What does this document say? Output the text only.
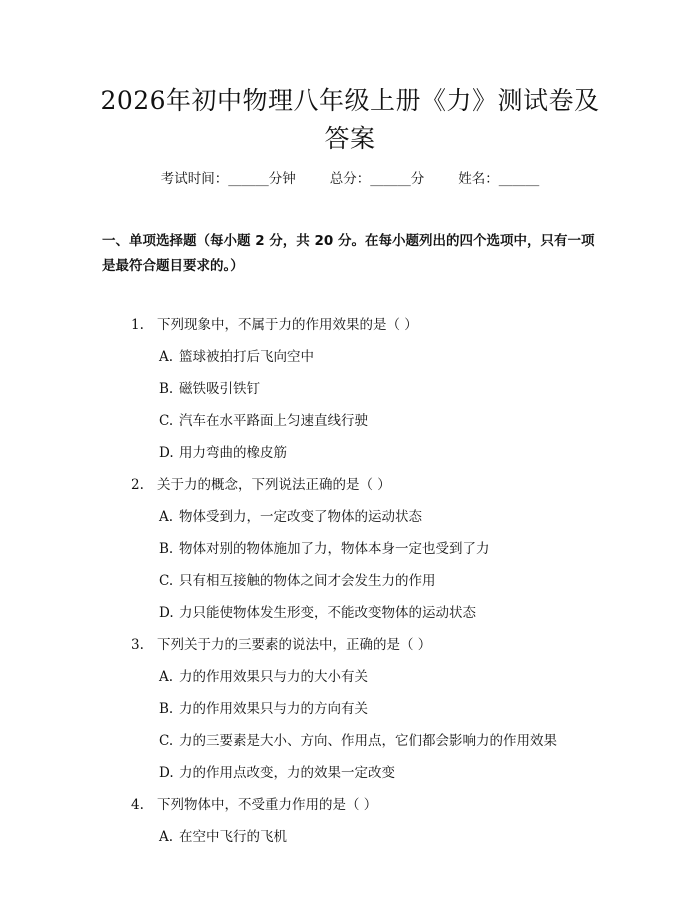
2026年初中物理八年级上册《力》测试卷及
答案
考试时间：______分钟	总分：______分	姓名：______
一、单项选择题（每小题 2 分，共 20 分。在每小题列出的四个选项中，只有一项是最符合题目要求的。）
1. 下列现象中，不属于力的作用效果的是（ ）
A. 篮球被拍打后飞向空中
B. 磁铁吸引铁钉
C. 汽车在水平路面上匀速直线行驶
D. 用力弯曲的橡皮筋
2. 关于力的概念，下列说法正确的是（ ）
A. 物体受到力，一定改变了物体的运动状态
B. 物体对别的物体施加了力，物体本身一定也受到了力
C. 只有相互接触的物体之间才会发生力的作用
D. 力只能使物体发生形变，不能改变物体的运动状态
3. 下列关于力的三要素的说法中，正确的是（ ）
A. 力的作用效果只与力的大小有关
B. 力的作用效果只与力的方向有关
C. 力的三要素是大小、方向、作用点，它们都会影响力的作用效果
D. 力的作用点改变，力的效果一定改变
4. 下列物体中，不受重力作用的是（ ）
A. 在空中飞行的飞机
